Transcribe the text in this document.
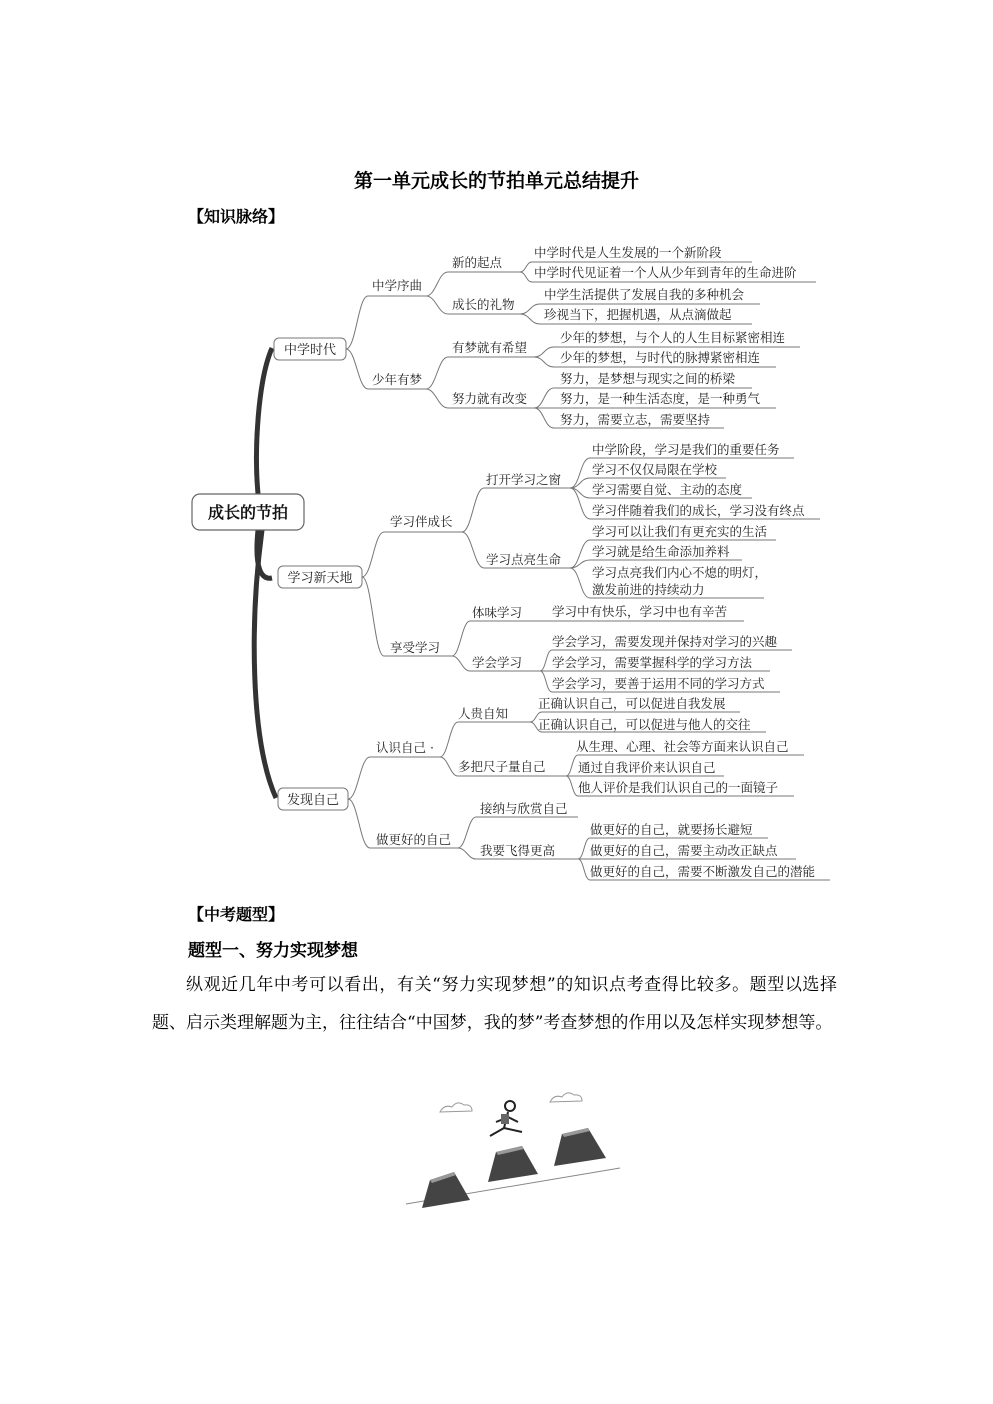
第一单元成长的节拍单元总结提升
【知识脉络】
成长的节拍
中学时代
中学序曲
少年有梦
新的起点
成长的礼物
中学时代是人生发展的一个新阶段
中学时代见证着一个人从少年到青年的生命进阶
中学生活提供了发展自我的多种机会
珍视当下，把握机遇，从点滴做起
有梦就有希望
努力就有改变
少年的梦想，与个人的人生目标紧密相连
少年的梦想，与时代的脉搏紧密相连
努力，是梦想与现实之间的桥梁
努力，是一种生活态度，是一种勇气
努力，需要立志，需要坚持
学习新天地
学习伴成长
享受学习
打开学习之窗
学习点亮生命
中学阶段，学习是我们的重要任务
学习不仅仅局限在学校
学习需要自觉、主动的态度
学习伴随着我们的成长，学习没有终点
学习可以让我们有更充实的生活
学习就是给生命添加养料
学习点亮我们内心不熄的明灯，
激发前进的持续动力
体味学习
学会学习
学习中有快乐，学习中也有辛苦
学会学习，需要发现并保持对学习的兴趣
学会学习，需要掌握科学的学习方法
学会学习，要善于运用不同的学习方式
发现自己
认识自己 ·
做更好的自己
人贵自知
多把尺子量自己
正确认识自己，可以促进自我发展
正确认识自己，可以促进与他人的交往
从生理、心理、社会等方面来认识自己
通过自我评价来认识自己
他人评价是我们认识自己的一面镜子
接纳与欣赏自己
我要飞得更高
做更好的自己，就要扬长避短
做更好的自己，需要主动改正缺点
做更好的自己，需要不断激发自己的潜能
【中考题型】
题型一、努力实现梦想
纵观近几年中考可以看出，有关“努力实现梦想”的知识点考查得比较多。题型以选择题、启示类理解题为主，往往结合“中国梦，我的梦”考查梦想的作用以及怎样实现梦想等。
